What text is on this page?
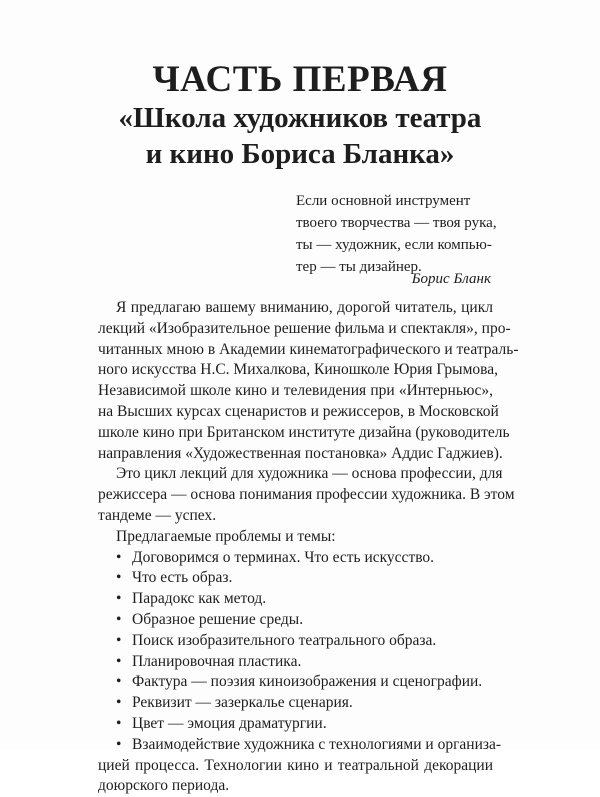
ЧАСТЬ ПЕРВАЯ
«Школа художников театра
и кино Бориса Бланка»
Если основной инструмент
твоего творчества — твоя рука,
ты — художник, если компью-
тер — ты дизайнер.
Борис Бланк
Я предлагаю вашему вниманию, дорогой читатель, цикл
лекций «Изобразительное решение фильма и спектакля», про-
читанных мною в Академии кинематографического и театраль-
ного искусства Н.С. Михалкова, Киношколе Юрия Грымова,
Независимой школе кино и телевидения при «Интерньюс»,
на Высших курсах сценаристов и режиссеров, в Московской
школе кино при Британском институте дизайна (руководитель
направления «Художественная постановка» Аддис Гаджиев).
Это цикл лекций для художника — основа профессии, для
режиссера — основа понимания профессии художника. В этом
тандеме — успех.
Предлагаемые проблемы и темы:
• Договоримся о терминах. Что есть искусство.
• Что есть образ.
• Парадокс как метод.
• Образное решение среды.
• Поиск изобразительного театрального образа.
• Планировочная пластика.
• Фактура — поэзия киноизображения и сценографии.
• Реквизит — зазеркалье сценария.
• Цвет — эмоция драматургии.
• Взаимодействие художника с технологиями и организа-
цией процесса. Технологии кино и театральной декорации
доюрского периода.
